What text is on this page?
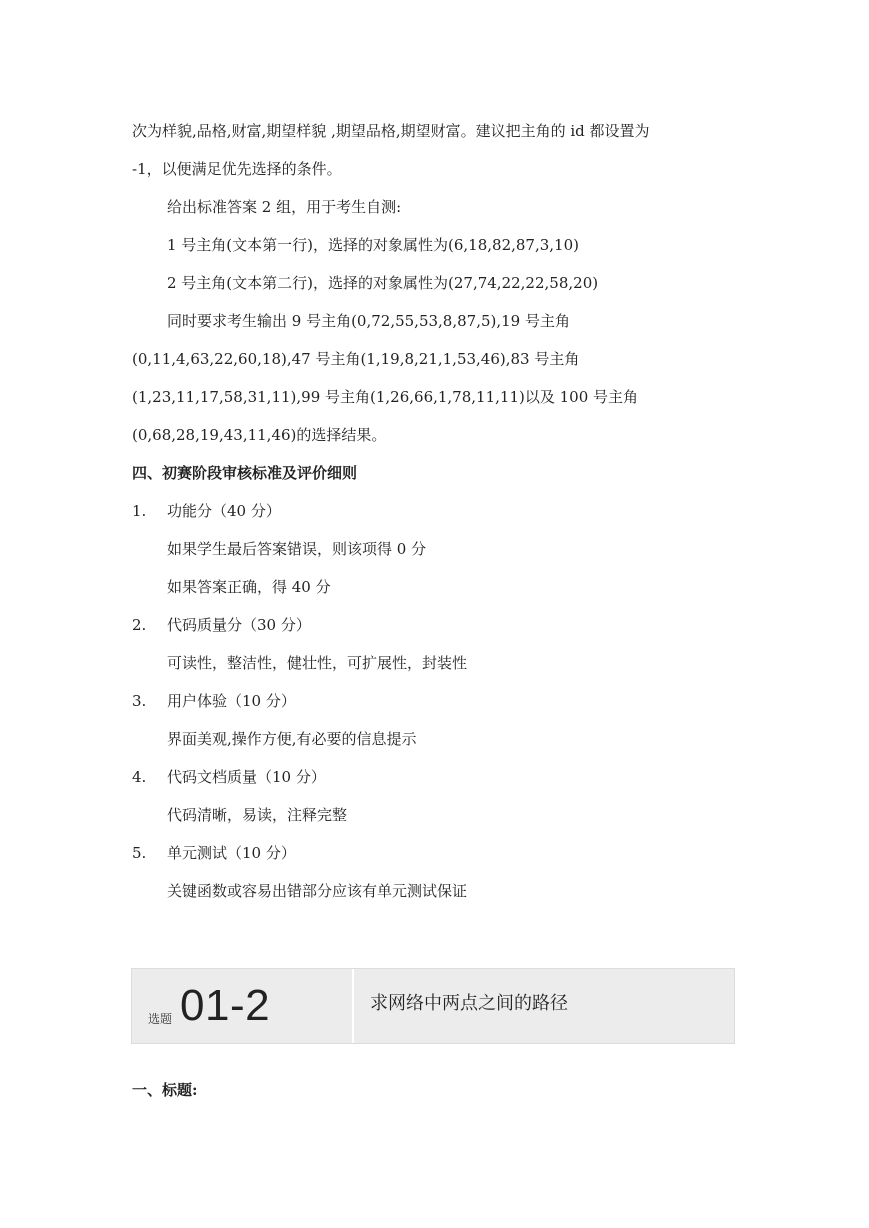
次为样貌,品格,财富,期望样貌 ,期望品格,期望财富。建议把主角的 id 都设置为
-1，以便满足优先选择的条件。
给出标准答案 2 组，用于考生自测:
1 号主角(文本第一行)，选择的对象属性为(6,18,82,87,3,10)
2 号主角(文本第二行)，选择的对象属性为(27,74,22,22,58,20)
同时要求考生输出 9 号主角(0,72,55,53,8,87,5),19 号主角
(0,11,4,63,22,60,18),47 号主角(1,19,8,21,1,53,46),83 号主角
(1,23,11,17,58,31,11),99 号主角(1,26,66,1,78,11,11)以及 100 号主角
(0,68,28,19,43,11,46)的选择结果。
四、初赛阶段审核标准及评价细则
1. 功能分（40 分）
如果学生最后答案错误，则该项得 0 分
如果答案正确，得 40 分
2. 代码质量分（30 分）
可读性，整洁性，健壮性，可扩展性，封装性
3. 用户体验（10 分）
界面美观,操作方便,有必要的信息提示
4. 代码文档质量（10 分）
代码清晰，易读，注释完整
5. 单元测试（10 分）
关键函数或容易出错部分应该有单元测试保证
选题 01-2	求网络中两点之间的路径
一、标题:
